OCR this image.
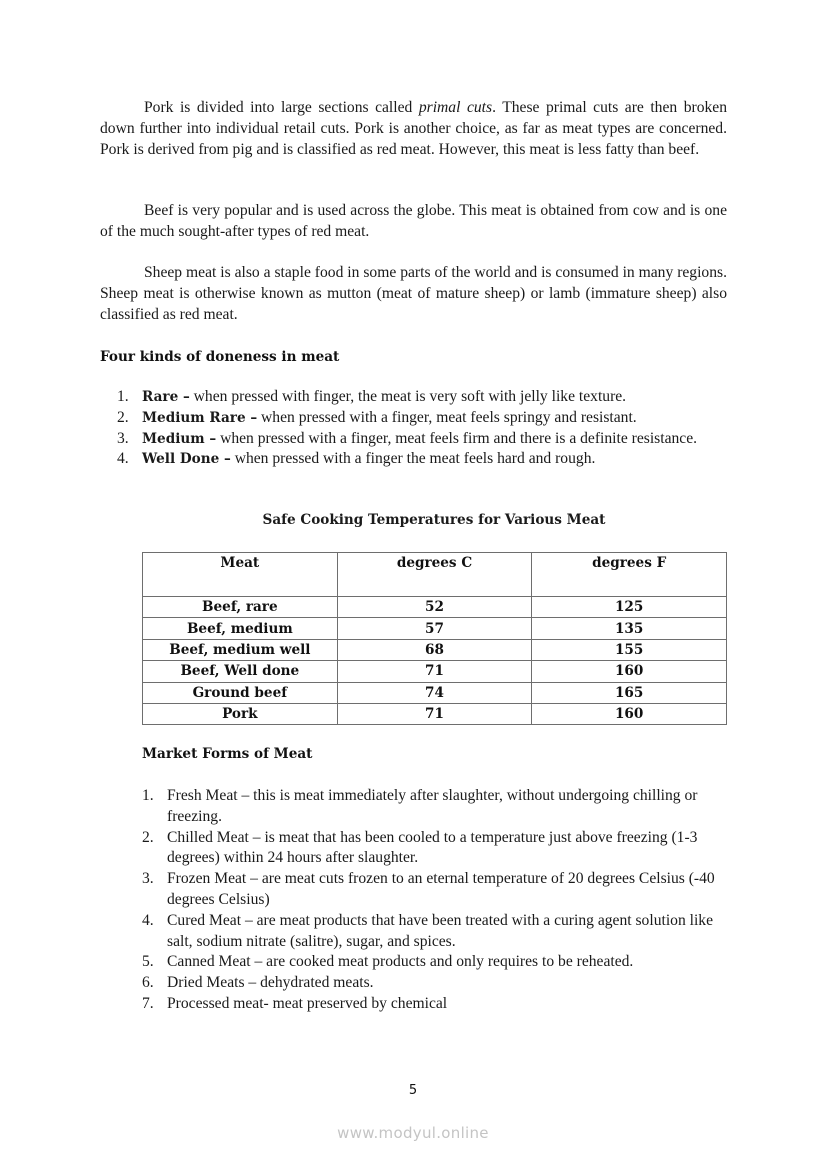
Pork is divided into large sections called primal cuts. These primal cuts are then broken down further into individual retail cuts. Pork is another choice, as far as meat types are concerned. Pork is derived from pig and is classified as red meat. However, this meat is less fatty than beef.

Beef is very popular and is used across the globe. This meat is obtained from cow and is one of the much sought-after types of red meat.

Sheep meat is also a staple food in some parts of the world and is consumed in many regions. Sheep meat is otherwise known as mutton (meat of mature sheep) or lamb (immature sheep) also classified as red meat.

Four kinds of doneness in meat
1. Rare – when pressed with finger, the meat is very soft with jelly like texture.
2. Medium Rare – when pressed with a finger, meat feels springy and resistant.
3. Medium – when pressed with a finger, meat feels firm and there is a definite resistance.
4. Well Done – when pressed with a finger the meat feels hard and rough.
Safe Cooking Temperatures for Various Meat
Meat	degrees C	degrees F
Beef, rare	52	125
Beef, medium	57	135
Beef, medium well	68	155
Beef, Well done	71	160
Ground beef	74	165
Pork	71	160
Market Forms of Meat
1. Fresh Meat – this is meat immediately after slaughter, without undergoing chilling or freezing.
2. Chilled Meat – is meat that has been cooled to a temperature just above freezing (1-3 degrees) within 24 hours after slaughter.
3. Frozen Meat – are meat cuts frozen to an eternal temperature of 20 degrees Celsius (-40 degrees Celsius)
4. Cured Meat – are meat products that have been treated with a curing agent solution like salt, sodium nitrate (salitre), sugar, and spices.
5. Canned Meat – are cooked meat products and only requires to be reheated.
6. Dried Meats – dehydrated meats.
7. Processed meat- meat preserved by chemical
5
www.modyul.online
